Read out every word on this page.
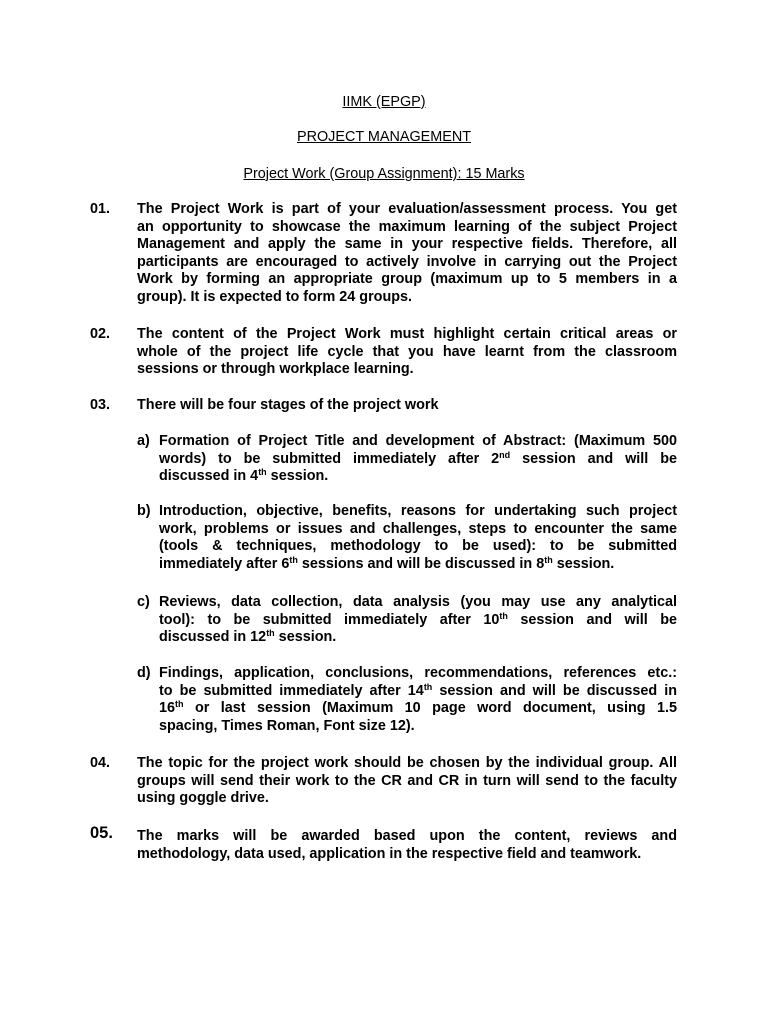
IIMK (EPGP)
PROJECT MANAGEMENT
Project Work (Group Assignment): 15 Marks
01. The Project Work is part of your evaluation/assessment process. You get
an opportunity to showcase the maximum learning of the subject Project
Management and apply the same in your respective fields. Therefore, all
participants are encouraged to actively involve in carrying out the Project
Work by forming an appropriate group (maximum up to 5 members in a
group). It is expected to form 24 groups.
02. The content of the Project Work must highlight certain critical areas or
whole of the project life cycle that you have learnt from the classroom
sessions or through workplace learning.
03. There will be four stages of the project work
a) Formation of Project Title and development of Abstract: (Maximum 500
words) to be submitted immediately after 2nd session and will be
discussed in 4th session.
b) Introduction, objective, benefits, reasons for undertaking such project
work, problems or issues and challenges, steps to encounter the same
(tools & techniques, methodology to be used): to be submitted
immediately after 6th sessions and will be discussed in 8th session.
c) Reviews, data collection, data analysis (you may use any analytical
tool): to be submitted immediately after 10th session and will be
discussed in 12th session.
d) Findings, application, conclusions, recommendations, references etc.:
to be submitted immediately after 14th session and will be discussed in
16th or last session (Maximum 10 page word document, using 1.5
spacing, Times Roman, Font size 12).
04. The topic for the project work should be chosen by the individual group. All
groups will send their work to the CR and CR in turn will send to the faculty
using goggle drive.
05. The marks will be awarded based upon the content, reviews and
methodology, data used, application in the respective field and teamwork.
